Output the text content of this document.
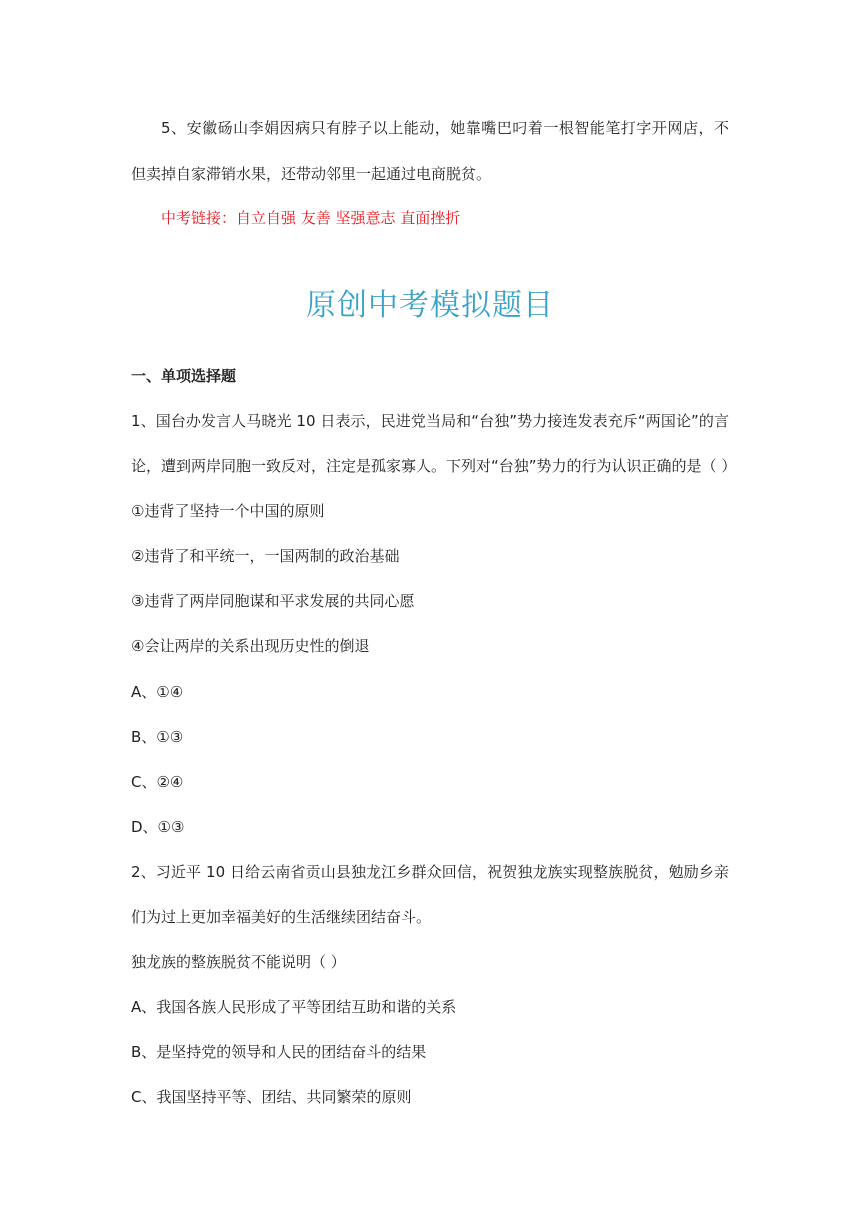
5、安徽砀山李娟因病只有脖子以上能动，她靠嘴巴叼着一根智能笔打字开网店，不
但卖掉自家滞销水果，还带动邻里一起通过电商脱贫。
中考链接：自立自强 友善 坚强意志 直面挫折
原创中考模拟题目
一、单项选择题
1、国台办发言人马晓光 10 日表示，民进党当局和“台独”势力接连发表充斥“两国论”的言
论，遭到两岸同胞一致反对，注定是孤家寡人。下列对“台独”势力的行为认识正确的是（ ）
①违背了坚持一个中国的原则
②违背了和平统一，一国两制的政治基础
③违背了两岸同胞谋和平求发展的共同心愿
④会让两岸的关系出现历史性的倒退
A、①④
B、①③
C、②④
D、①③
2、习近平 10 日给云南省贡山县独龙江乡群众回信，祝贺独龙族实现整族脱贫，勉励乡亲
们为过上更加幸福美好的生活继续团结奋斗。
独龙族的整族脱贫不能说明（ ）
A、我国各族人民形成了平等团结互助和谐的关系
B、是坚持党的领导和人民的团结奋斗的结果
C、我国坚持平等、团结、共同繁荣的原则
